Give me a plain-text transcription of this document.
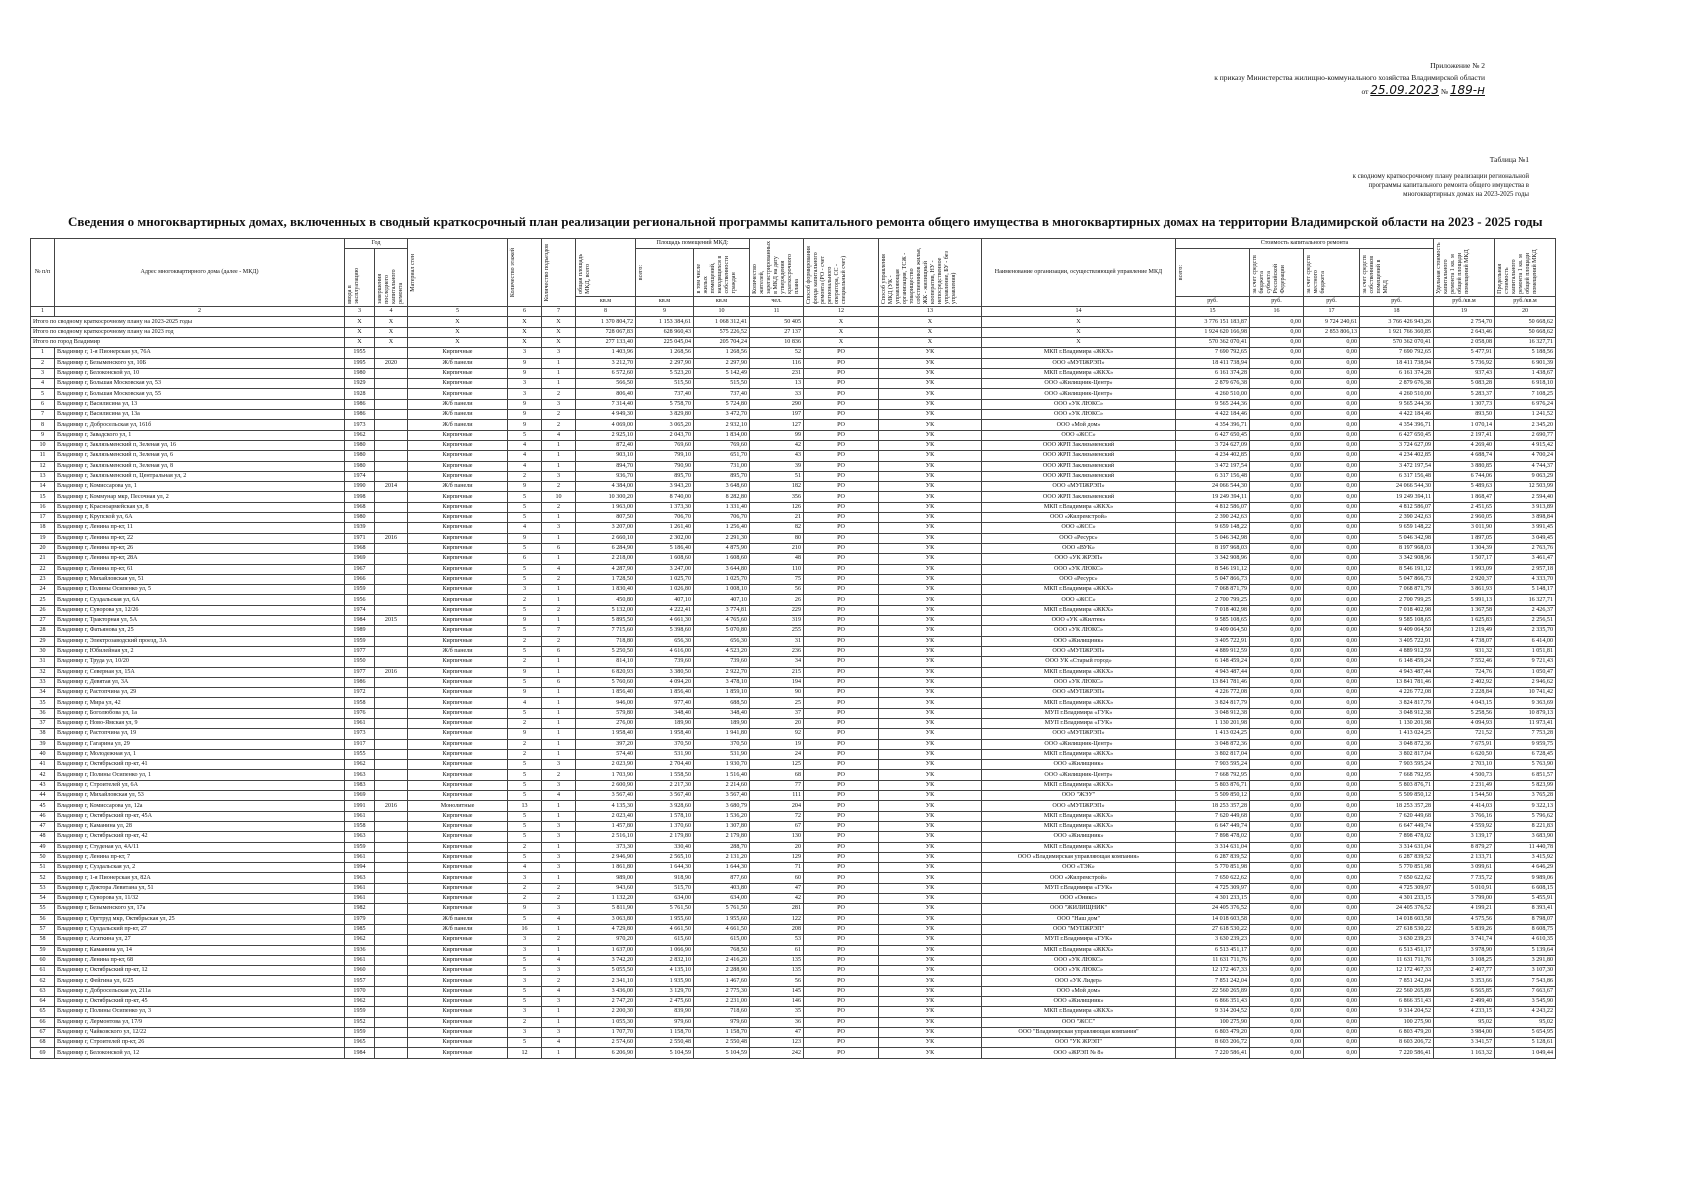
Приложение № 2
к приказу Министерства жилищно-коммунального хозяйства Владимирской области
от 25.09.2023 № 189-н
Таблица №1
к сводному краткосрочному плану реализации региональной программы капитального ремонта общего имущества в многоквартирных домах на 2023-2025 годы
Сведения о многоквартирных домах, включенных в сводный краткосрочный план реализации региональной программы капитального ремонта общего имущества в многоквартирных домах на территории Владимирской области на 2023 - 2025 годы
№ п/п	Адрес многоквартирного дома (далее - МКД)	Год		Материал стен	Количество этажей	Количество подъездов	общая площадь МКД, всего	Площадь помещений МКД:		Количество жителей, зарегистрированных в МКД на дату утверждения краткосрочного плана	Способ формирования фонда капитального ремонта (РО - счет регионального оператора, СС - специальный счет)	Способ управления МКД (УК - управляющая организация, ТСЖ - товарищество собственников жилья, ЖК - жилищный кооператив, НУ - непосредственное управление, БУ - без управления)	Наименование организации, осуществляющей управление МКД	Стоимость капитального ремонта				Удельная стоимость капитального ремонта 1 кв. м общей площади помещений МКД	Предельная стоимость капитального ремонта 1 кв. м общей площади помещений МКД

		ввода в эксплуатацию	завершения последнего капитального ремонта					всего:	в том числе жилых помещений, находящихся в собственности граждан					всего:	за счет средств бюджета субъекта Российской Федерации	за счет средств местного бюджета	за счет средств собственников помещений в МКД		

							кв.м	кв.м	кв.м	чел.				руб.	руб.	руб.	руб.	руб./кв.м	руб./кв.м
1	2	3	4	5	6	7	8	9	10	11	12	13	14	15	16	17	18	19	20
Итого по сводному краткосрочному плану на 2023-2025 годы		X	X	X	X	X	1 370 804,72	1 153 384,61	1 068 312,41	50 405	X	X	X	3 776 151 183,87	0,00	9 724 240,61	3 766 426 943,26	2 754,70	50 668,62
Итого по сводному краткосрочному плану на 2023 год		X	X	X	X	X	728 067,83	628 960,43	575 226,52	27 137	X	X	X	1 924 620 166,98	0,00	2 853 806,13	1 921 766 360,85	2 643,46	50 668,62
Итого по город Владимир		X	X	X	X	X	277 133,40	225 045,04	205 704,24	10 836	X	X	X	570 362 070,41	0,00	0,00	570 362 070,41	2 058,08	16 327,71
1	Владимир г, 1-я Пионерская ул, 76А	1955		Кирпичные	3	3	1 403,96	1 268,56	1 268,56	52	РО	УК	МКП г.Владимира «ЖКХ»	7 690 792,65	0,00	0,00	7 690 792,65	5 477,91	5 188,56
2	Владимир г, Безыменского ул, 10Б	1995	2020	Ж/б панели	9	1	3 212,70	2 297,90	2 297,90	116	РО	УК	ООО «МУПЖРЭП»	18 411 738,94	0,00	0,00	18 411 738,94	5 736,92	6 901,39
3	Владимир г, Белоконской ул, 10	1980		Кирпичные	9	1	6 572,60	5 523,20	5 142,49	231	РО	УК	МКП г.Владимира «ЖКХ»	6 161 374,28	0,00	0,00	6 161 374,28	937,43	1 438,67
4	Владимир г, Большая Московская ул, 53	1929		Кирпичные	3	1	566,50	515,50	515,50	13	РО	УК	ООО «Жилищник-Центр»	2 879 676,38	0,00	0,00	2 879 676,38	5 083,28	6 918,10
5	Владимир г, Большая Московская ул, 55	1928		Кирпичные	3	2	806,40	737,40	737,40	33	РО	УК	ООО «Жилищник-Центр»	4 260 510,00	0,00	0,00	4 260 510,00	5 283,37	7 108,25
6	Владимир г, Василисина ул, 13	1986		Ж/б панели	9	3	7 314,40	5 758,70	5 724,80	290	РО	УК	ООО «УК ЛЮКС»	9 565 244,36	0,00	0,00	9 565 244,36	1 307,73	6 976,24
7	Владимир г, Василисина ул, 13а	1986		Ж/б панели	9	2	4 949,30	3 829,80	3 472,70	197	РО	УК	ООО «УК ЛЮКС»	4 422 184,46	0,00	0,00	4 422 184,46	893,50	1 241,52
8	Владимир г, Добросельская ул, 161б	1973		Ж/б панели	9	2	4 069,00	3 065,20	2 932,10	127	РО	УК	ООО «Мой дом»	4 354 396,71	0,00	0,00	4 354 396,71	1 070,14	2 345,20
9	Владимир г, Завадского ул, 1	1962		Кирпичные	5	4	2 925,10	2 043,70	1 834,00	99	РО	УК	ООО «ЖСС»	6 427 650,45	0,00	0,00	6 427 650,45	2 197,41	2 690,77
10	Владимир г, Заклязьменский п, Зеленая ул, 16	1980		Кирпичные	4	1	872,40	769,60	769,60	42	РО	УК	ООО ЖРП Заклязьменский	3 724 627,09	0,00	0,00	3 724 627,09	4 269,40	4 915,42
11	Владимир г, Заклязьменский п, Зеленая ул, 6	1980		Кирпичные	4	1	903,10	799,10	651,70	43	РО	УК	ООО ЖРП Заклязьменский	4 234 402,85	0,00	0,00	4 234 402,85	4 688,74	4 700,24
12	Владимир г, Заклязьменский п, Зеленая ул, 8	1980		Кирпичные	4	1	894,70	790,90	731,00	39	РО	УК	ООО ЖРП Заклязьменский	3 472 197,54	0,00	0,00	3 472 197,54	3 880,85	4 744,37
13	Владимир г, Заклязьменский п, Центральная ул, 2	1974		Кирпичные	2	3	936,70	895,70	895,70	51	РО	УК	ООО ЖРП Заклязьменский	6 317 156,48	0,00	0,00	6 317 156,48	6 744,06	9 063,29
14	Владимир г, Комиссарова ул, 1	1990	2014	Ж/б панели	9	2	4 384,00	3 943,20	3 648,60	182	РО	УК	ООО «МУПЖРЭП»	24 066 544,30	0,00	0,00	24 066 544,30	5 489,63	12 503,99
15	Владимир г, Коммунар мкр, Песочная ул, 2	1998		Кирпичные	5	10	10 300,20	8 740,00	8 282,80	356	РО	УК	ООО ЖРП Заклязьменский	19 249 394,11	0,00	0,00	19 249 394,11	1 868,47	2 594,40
16	Владимир г, Красноармейская ул, 8	1968		Кирпичные	5	2	1 963,00	1 373,30	1 331,40	126	РО	УК	МКП г.Владимира «ЖКХ»	4 812 586,07	0,00	0,00	4 812 586,07	2 451,65	3 913,89
17	Владимир г, Крупской ул, 6А	1980		Кирпичные	5	1	807,50	706,70	706,70	21	РО	УК	ООО «Жилремстрой»	2 390 242,63	0,00	0,00	2 390 242,63	2 960,05	3 898,84
18	Владимир г, Ленина пр-кт, 11	1939		Кирпичные	4	3	3 207,00	1 261,40	1 256,40	82	РО	УК	ООО «ЖСС»	9 659 148,22	0,00	0,00	9 659 148,22	3 011,90	3 991,45
19	Владимир г, Ленина пр-кт, 22	1971	2016	Кирпичные	9	1	2 660,10	2 302,00	2 291,30	80	РО	УК	ООО «Ресурс»	5 046 342,98	0,00	0,00	5 046 342,98	1 897,05	3 049,45
20	Владимир г, Ленина пр-кт, 26	1968		Кирпичные	5	6	6 284,90	5 186,40	4 875,90	210	РО	УК	ООО «ВУК»	8 197 968,03	0,00	0,00	8 197 968,03	1 304,39	2 763,76
21	Владимир г, Ленина пр-кт, 28А	1969		Кирпичные	6	1	2 218,00	1 608,60	1 608,60	48	РО	УК	ООО «УК ЖРЭП»	3 342 908,96	0,00	0,00	3 342 908,96	1 507,17	3 461,47
22	Владимир г, Ленина пр-кт, 61	1967		Кирпичные	5	4	4 287,90	3 247,00	3 644,80	110	РО	УК	ООО «УК ЛЮКС»	8 546 191,12	0,00	0,00	8 546 191,12	1 993,09	2 957,18
23	Владимир г, Михайловская ул, 51	1966		Кирпичные	5	2	1 728,50	1 025,70	1 025,70	75	РО	УК	ООО «Ресурс»	5 047 866,73	0,00	0,00	5 047 866,73	2 920,37	4 333,70
24	Владимир г, Полины Осипенко ул, 5	1959		Кирпичные	3	1	1 830,40	1 026,80	1 008,10	56	РО	УК	МКП г.Владимира «ЖКХ»	7 068 871,79	0,00	0,00	7 068 871,79	3 861,93	5 148,17
25	Владимир г, Суздальская ул, 6А	1956		Кирпичные	2	1	450,80	407,10	407,10	26	РО	УК	ООО «ЖСС»	2 700 799,25	0,00	0,00	2 700 799,25	5 991,13	16 327,71
26	Владимир г, Суворова ул, 12/26	1974		Кирпичные	5	2	5 132,00	4 222,41	3 774,81	229	РО	УК	МКП г.Владимира «ЖКХ»	7 018 402,98	0,00	0,00	7 018 402,98	1 367,58	2 426,37
27	Владимир г, Тракторная ул, 5А	1984	2015	Кирпичные	9	1	5 895,50	4 661,30	4 765,60	319	РО	УК	ООО «УК «Жилтек»	9 585 108,65	0,00	0,00	9 585 108,65	1 625,83	2 256,51
28	Владимир г, Фатьянова ул, 25	1989		Кирпичные	5	7	7 715,60	5 398,60	5 070,80	255	РО	УК	ООО «УК ЛЮКС»	9 409 064,50	0,00	0,00	9 409 064,50	1 219,49	2 335,70
29	Владимир г, Электрозаводский проезд, 3А	1959		Кирпичные	2	2	718,80	656,30	656,30	31	РО	УК	ООО «Жилищник»	3 405 722,91	0,00	0,00	3 405 722,91	4 738,07	6 414,00
30	Владимир г, Юбилейная ул, 2	1977		Ж/б панели	5	6	5 250,50	4 616,00	4 523,20	236	РО	УК	ООО «МУПЖРЭП»	4 889 912,59	0,00	0,00	4 889 912,59	931,32	1 051,81
31	Владимир г, Труда ул, 10/20	1950		Кирпичные	2	1	814,10	739,60	739,60	34	РО	УК	ООО УК «Старый город»	6 148 459,24	0,00	0,00	6 148 459,24	7 552,46	9 721,43
32	Владимир г, Северная ул, 15А	1977	2016	Кирпичные	9	1	6 820,93	3 380,50	2 922,70	215	РО	УК	МКП г.Владимира «ЖКХ»	4 943 487,44	0,00	0,00	4 943 487,44	724,76	1 050,47
33	Владимир г, Девятая ул, 3А	1986		Кирпичные	5	6	5 760,60	4 094,20	3 478,10	194	РО	УК	ООО «УК ЛЮКС»	13 841 781,46	0,00	0,00	13 841 781,46	2 402,92	2 946,62
34	Владимир г, Растопчина ул, 29	1972		Кирпичные	9	1	1 856,40	1 856,40	1 859,10	90	РО	УК	ООО «МУПЖРЭП»	4 226 772,08	0,00	0,00	4 226 772,08	2 228,84	10 741,42
35	Владимир г, Мира ул, 42	1958		Кирпичные	4	1	946,00	977,40	688,50	25	РО	УК	МКП г.Владимира «ЖКХ»	3 824 817,79	0,00	0,00	3 824 817,79	4 043,15	9 363,69
36	Владимир г, Боголюбова ул, 1а	1976		Кирпичные	5	1	579,80	348,40	348,40	37	РО	УК	МУП г.Владимира «ГУК»	3 048 912,38	0,00	0,00	3 048 912,38	5 258,56	10 879,13
37	Владимир г, Ново-Ямская ул, 9	1961		Кирпичные	2	1	276,00	189,90	189,90	20	РО	УК	МУП г.Владимира «ГУК»	1 130 201,98	0,00	0,00	1 130 201,98	4 094,93	11 973,41
38	Владимир г, Растопчина ул, 19	1973		Кирпичные	9	1	1 958,40	1 958,40	1 941,80	92	РО	УК	ООО «МУПЖРЭП»	1 413 024,25	0,00	0,00	1 413 024,25	721,52	7 753,28
39	Владимир г, Гагарина ул, 29	1917		Кирпичные	2	1	397,20	370,50	370,50	19	РО	УК	ООО «Жилищник-Центр»	3 048 872,36	0,00	0,00	3 048 872,36	7 675,91	9 959,75
40	Владимир г, Молодежная ул, 1	1955		Кирпичные	2	1	574,40	531,90	531,90	24	РО	УК	МКП г.Владимира «ЖКХ»	3 802 817,04	0,00	0,00	3 802 817,04	6 620,50	6 728,45
41	Владимир г, Октябрьский пр-кт, 41	1962		Кирпичные	5	3	2 023,90	2 704,40	1 930,70	125	РО	УК	ООО «Жилищник»	7 903 595,24	0,00	0,00	7 903 595,24	2 703,10	5 763,90
42	Владимир г, Полины Осипенко ул, 1	1963		Кирпичные	5	2	1 703,90	1 558,50	1 516,40	68	РО	УК	ООО «Жилищник-Центр»	7 668 792,95	0,00	0,00	7 668 792,95	4 500,73	6 851,57
43	Владимир г, Строителей ул, 6А	1983		Кирпичные	5	3	2 600,90	2 217,30	2 214,60	77	РО	УК	МКП г.Владимира «ЖКХ»	5 803 876,71	0,00	0,00	5 803 876,71	2 231,49	5 823,99
44	Владимир г, Михайловская ул, 53	1969		Кирпичные	5	4	3 567,40	3 567,40	3 567,40	111	РО	УК	ООО "ЖЭУ"	5 509 850,12	0,00	0,00	5 509 850,12	1 544,50	3 765,28
45	Владимир г, Комиссарова ул, 12а	1991	2016	Монолитные	13	1	4 135,30	3 928,60	3 680,79	204	РО	УК	ООО «МУПЖРЭП»	18 253 357,28	0,00	0,00	18 253 357,28	4 414,03	9 322,13
46	Владимир г, Октябрьский пр-кт, 45А	1961		Кирпичные	5	1	2 023,40	1 578,10	1 536,20	72	РО	УК	МКП г.Владимира «ЖКХ»	7 620 449,68	0,00	0,00	7 620 449,68	3 766,16	5 796,62
47	Владимир г, Каманина ул, 28	1958		Кирпичные	5	3	1 457,80	1 370,60	1 307,80	67	РО	УК	МКП г.Владимира «ЖКХ»	6 647 449,74	0,00	0,00	6 647 449,74	4 559,92	8 221,83
48	Владимир г, Октябрьский пр-кт, 42	1963		Кирпичные	5	3	2 516,10	2 179,80	2 179,80	130	РО	УК	ООО «Жилищник»	7 898 478,02	0,00	0,00	7 898 478,02	3 139,17	3 683,90
49	Владимир г, Студеная ул, 4А/11	1959		Кирпичные	2	1	373,30	330,40	288,70	20	РО	УК	МКП г.Владимира «ЖКХ»	3 314 631,04	0,00	0,00	3 314 631,04	8 879,27	11 440,78
50	Владимир г, Ленина пр-кт, 7	1961		Кирпичные	5	3	2 946,90	2 565,10	2 131,20	129	РО	УК	ООО «Владимирская управляющая компания»	6 287 839,52	0,00	0,00	6 287 839,52	2 133,71	3 415,92
51	Владимир г, Суздальская ул, 2	1994		Кирпичные	4	3	1 861,80	1 644,30	1 644,30	71	РО	УК	ООО «ТЭК»	5 770 851,98	0,00	0,00	5 770 851,98	3 099,61	4 646,29
52	Владимир г, 1-я Пионерская ул, 82А	1963		Кирпичные	3	1	989,00	918,90	877,60	60	РО	УК	ООО «Жилремстрой»	7 650 622,62	0,00	0,00	7 650 622,62	7 735,72	9 989,06
53	Владимир г, Доктора Левитана ул, 51	1961		Кирпичные	2	2	943,60	515,70	403,80	47	РО	УК	МУП г.Владимира «ГУК»	4 725 309,97	0,00	0,00	4 725 309,97	5 010,91	6 608,15
54	Владимир г, Суворова ул, 11/32	1961		Кирпичные	2	2	1 132,20	634,00	634,00	42	РО	УК	ООО «Оникс»	4 301 233,15	0,00	0,00	4 301 233,15	3 799,00	5 455,91
55	Владимир г, Безыменского ул, 17а	1982		Кирпичные	9	3	5 811,90	5 761,50	5 761,50	281	РО	УК	ООО "ЖИЛИЩНИК"	24 405 376,52	0,00	0,00	24 405 376,52	4 199,21	8 393,41
56	Владимир г, Оргтруд мкр, Октябрьская ул, 25	1979		Ж/б панели	5	4	3 063,80	1 955,60	1 955,60	122	РО	УК	ООО "Наш дом"	14 018 603,58	0,00	0,00	14 018 603,58	4 575,56	8 798,07
57	Владимир г, Суздальский пр-кт, 27	1985		Ж/б панели	16	1	4 729,80	4 661,50	4 661,50	208	РО	УК	ООО "МУПЖРЭП"	27 618 530,22	0,00	0,00	27 618 530,22	5 839,26	8 608,75
58	Владимир г, Асаткина ул, 27	1962		Кирпичные	3	2	970,20	615,60	615,00	53	РО	УК	МУП г.Владимира «ГУК»	3 630 239,23	0,00	0,00	3 630 239,23	3 741,74	4 610,35
59	Владимир г, Каманина ул, 14	1936		Кирпичные	3	1	1 637,00	1 066,90	768,50	61	РО	УК	МКП г.Владимира «ЖКХ»	6 513 451,17	0,00	0,00	6 513 451,17	3 978,90	5 139,64
60	Владимир г, Ленина пр-кт, 68	1961		Кирпичные	5	4	3 742,20	2 832,10	2 416,20	135	РО	УК	ООО «УК ЛЮКС»	11 631 711,76	0,00	0,00	11 631 711,76	3 108,25	3 291,80
61	Владимир г, Октябрьский пр-кт, 12	1960		Кирпичные	5	3	5 055,50	4 135,10	2 288,90	135	РО	УК	ООО «УК ЛЮКС»	12 172 467,33	0,00	0,00	12 172 467,33	2 407,77	3 107,30
62	Владимир г, Фейгина ул, 6/25	1957		Кирпичные	3	2	2 341,10	1 935,90	1 467,60	56	РО	УК	ООО «УК Лидер»	7 851 242,04	0,00	0,00	7 851 242,04	3 353,66	7 543,86
63	Владимир г, Добросельская ул, 211а	1970		Кирпичные	5	4	3 436,00	3 129,70	2 775,30	145	РО	УК	ООО «Мой дом»	22 560 265,89	0,00	0,00	22 560 265,89	6 565,85	7 663,67
64	Владимир г, Октябрьский пр-кт, 45	1962		Кирпичные	5	3	2 747,20	2 475,60	2 231,00	146	РО	УК	ООО «Жилищник»	6 866 351,43	0,00	0,00	6 866 351,43	2 499,40	3 545,90
65	Владимир г, Полины Осипенко ул, 3	1959		Кирпичные	3	1	2 200,30	839,90	718,60	35	РО	УК	МКП г.Владимира «ЖКХ»	9 314 204,52	0,00	0,00	9 314 204,52	4 233,15	4 243,22
66	Владимир г, Лермонтова ул, 17/9	1952		Кирпичные	2	1	1 055,30	979,60	979,60	36	РО	УК	ООО "ЖСС"	100 275,90	0,00	0,00	100 275,90	95,02	95,02
67	Владимир г, Чайковского ул, 12/22	1959		Кирпичные	3	3	1 707,70	1 158,70	1 158,70	47	РО	УК	ООО "Владимирская управляющая компания"	6 803 479,20	0,00	0,00	6 803 479,20	3 984,00	5 654,95
68	Владимир г, Строителей пр-кт, 26	1965		Кирпичные	5	4	2 574,60	2 550,48	2 550,48	123	РО	УК	ООО "УК ЖРЭП"	8 603 206,72	0,00	0,00	8 603 206,72	3 341,57	5 128,61
69	Владимир г, Белоконской ул, 12	1984		Кирпичные	12	1	6 206,90	5 104,59	5 104,59	242	РО	УК	ООО «ЖРЭП № 8»	7 220 586,41	0,00	0,00	7 220 586,41	1 163,32	1 049,44
